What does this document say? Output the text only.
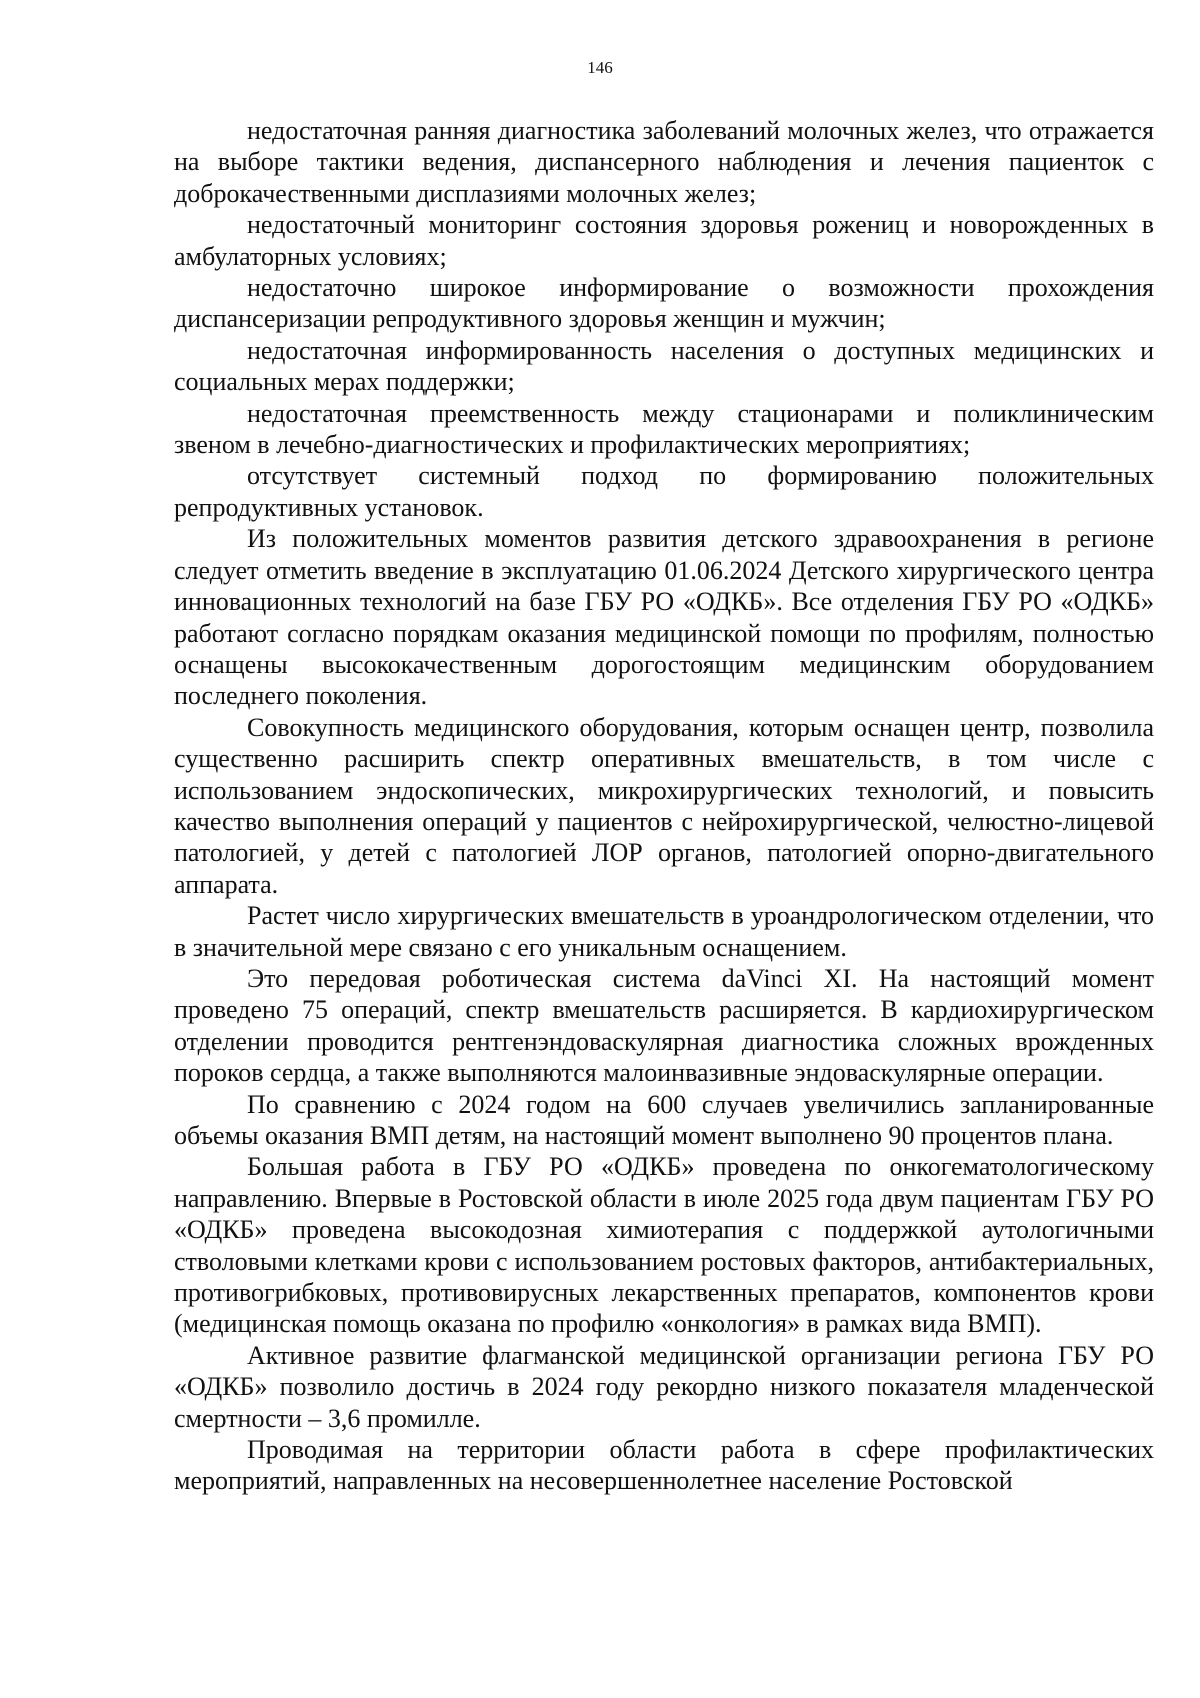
146

недостаточная ранняя диагностика заболеваний молочных желез, что отражается на выборе тактики ведения, диспансерного наблюдения и лечения пациенток с доброкачественными дисплазиями молочных желез;

недостаточный мониторинг состояния здоровья рожениц и новорожденных в амбулаторных условиях;

недостаточно широкое информирование о возможности прохождения диспансеризации репродуктивного здоровья женщин и мужчин;

недостаточная информированность населения о доступных медицинских и социальных мерах поддержки;

недостаточная преемственность между стационарами и поликлиническим звеном в лечебно-диагностических и профилактических мероприятиях;

отсутствует системный подход по формированию положительных репродуктивных установок.

Из положительных моментов развития детского здравоохранения в регионе следует отметить введение в эксплуатацию 01.06.2024 Детского хирургического центра инновационных технологий на базе ГБУ РО «ОДКБ». Все отделения ГБУ РО «ОДКБ» работают согласно порядкам оказания медицинской помощи по профилям, полностью оснащены высококачественным дорогостоящим медицинским оборудованием последнего поколения.

Совокупность медицинского оборудования, которым оснащен центр, позволила существенно расширить спектр оперативных вмешательств, в том числе с использованием эндоскопических, микрохирургических технологий, и повысить качество выполнения операций у пациентов с нейрохирургической, челюстно-лицевой патологией, у детей с патологией ЛОР органов, патологией опорно-двигательного аппарата.

Растет число хирургических вмешательств в уроандрологическом отделении, что в значительной мере связано с его уникальным оснащением.

Это передовая роботическая система daVinci XI. На настоящий момент проведено 75 операций, спектр вмешательств расширяется. В кардиохирургическом отделении проводится рентгенэндоваскулярная диагностика сложных врожденных пороков сердца, а также выполняются малоинвазивные эндоваскулярные операции.

По сравнению с 2024 годом на 600 случаев увеличились запланированные объемы оказания ВМП детям, на настоящий момент выполнено 90 процентов плана.

Большая работа в ГБУ РО «ОДКБ» проведена по онкогематологическому направлению. Впервые в Ростовской области в июле 2025 года двум пациентам ГБУ РО «ОДКБ» проведена высокодозная химиотерапия с поддержкой аутологичными стволовыми клетками крови с использованием ростовых факторов, антибактериальных, противогрибковых, противовирусных лекарственных препаратов, компонентов крови (медицинская помощь оказана по профилю «онкология» в рамках вида ВМП).

Активное развитие флагманской медицинской организации региона ГБУ РО «ОДКБ» позволило достичь в 2024 году рекордно низкого показателя младенческой смертности – 3,6 промилле.

Проводимая на территории области работа в сфере профилактических мероприятий, направленных на несовершеннолетнее население Ростовской
